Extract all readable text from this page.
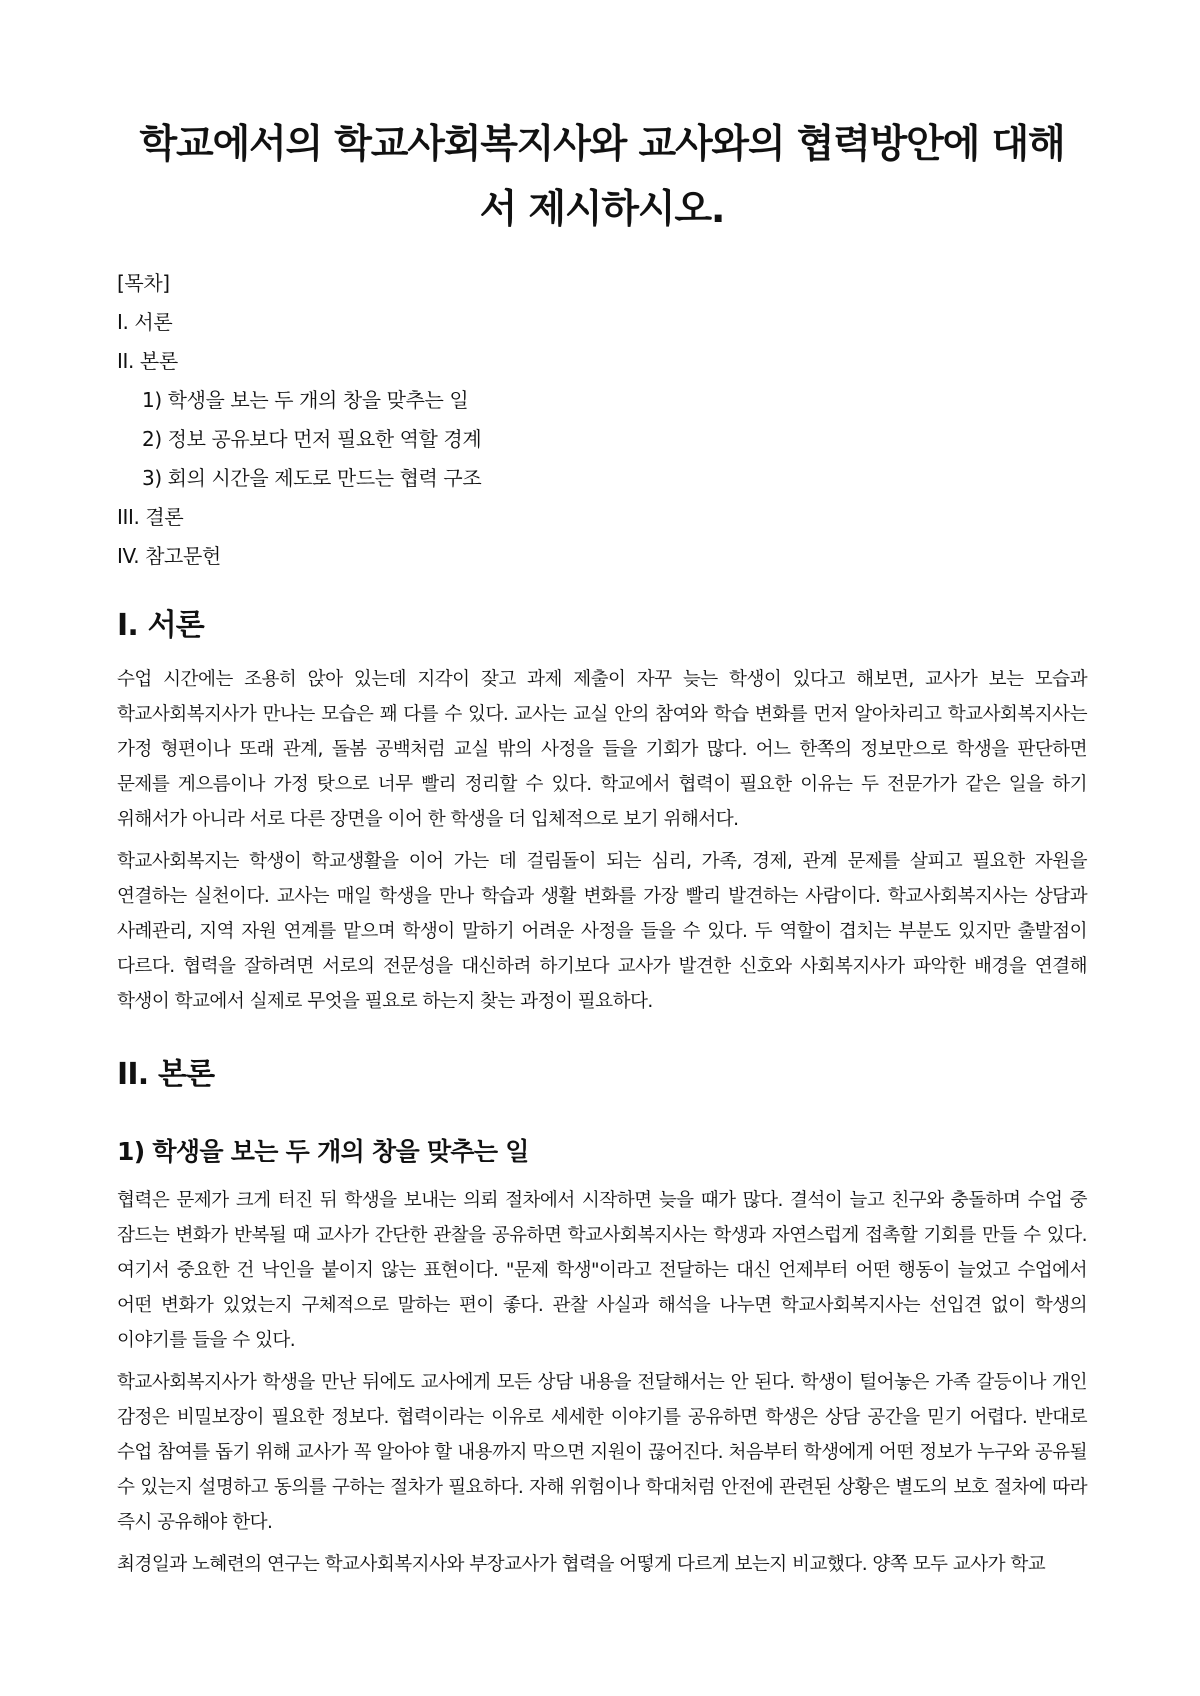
학교에서의 학교사회복지사와 교사와의 협력방안에 대해서 제시하시오.
[목차]
I. 서론
II. 본론
1) 학생을 보는 두 개의 창을 맞추는 일
2) 정보 공유보다 먼저 필요한 역할 경계
3) 회의 시간을 제도로 만드는 협력 구조
III. 결론
IV. 참고문헌
I. 서론

수업 시간에는 조용히 앉아 있는데 지각이 잦고 과제 제출이 자꾸 늦는 학생이 있다고 해보면, 교사가 보는 모습과 학교사회복지사가 만나는 모습은 꽤 다를 수 있다. 교사는 교실 안의 참여와 학습 변화를 먼저 알아차리고 학교사회복지사는 가정 형편이나 또래 관계, 돌봄 공백처럼 교실 밖의 사정을 들을 기회가 많다. 어느 한쪽의 정보만으로 학생을 판단하면 문제를 게으름이나 가정 탓으로 너무 빨리 정리할 수 있다. 학교에서 협력이 필요한 이유는 두 전문가가 같은 일을 하기 위해서가 아니라 서로 다른 장면을 이어 한 학생을 더 입체적으로 보기 위해서다.

학교사회복지는 학생이 학교생활을 이어 가는 데 걸림돌이 되는 심리, 가족, 경제, 관계 문제를 살피고 필요한 자원을 연결하는 실천이다. 교사는 매일 학생을 만나 학습과 생활 변화를 가장 빨리 발견하는 사람이다. 학교사회복지사는 상담과 사례관리, 지역 자원 연계를 맡으며 학생이 말하기 어려운 사정을 들을 수 있다. 두 역할이 겹치는 부분도 있지만 출발점이 다르다. 협력을 잘하려면 서로의 전문성을 대신하려 하기보다 교사가 발견한 신호와 사회복지사가 파악한 배경을 연결해 학생이 학교에서 실제로 무엇을 필요로 하는지 찾는 과정이 필요하다.

II. 본론
1) 학생을 보는 두 개의 창을 맞추는 일

협력은 문제가 크게 터진 뒤 학생을 보내는 의뢰 절차에서 시작하면 늦을 때가 많다. 결석이 늘고 친구와 충돌하며 수업 중 잠드는 변화가 반복될 때 교사가 간단한 관찰을 공유하면 학교사회복지사는 학생과 자연스럽게 접촉할 기회를 만들 수 있다. 여기서 중요한 건 낙인을 붙이지 않는 표현이다. "문제 학생"이라고 전달하는 대신 언제부터 어떤 행동이 늘었고 수업에서 어떤 변화가 있었는지 구체적으로 말하는 편이 좋다. 관찰 사실과 해석을 나누면 학교사회복지사는 선입견 없이 학생의 이야기를 들을 수 있다.

학교사회복지사가 학생을 만난 뒤에도 교사에게 모든 상담 내용을 전달해서는 안 된다. 학생이 털어놓은 가족 갈등이나 개인 감정은 비밀보장이 필요한 정보다. 협력이라는 이유로 세세한 이야기를 공유하면 학생은 상담 공간을 믿기 어렵다. 반대로 수업 참여를 돕기 위해 교사가 꼭 알아야 할 내용까지 막으면 지원이 끊어진다. 처음부터 학생에게 어떤 정보가 누구와 공유될 수 있는지 설명하고 동의를 구하는 절차가 필요하다. 자해 위험이나 학대처럼 안전에 관련된 상황은 별도의 보호 절차에 따라 즉시 공유해야 한다.

최경일과 노혜련의 연구는 학교사회복지사와 부장교사가 협력을 어떻게 다르게 보는지 비교했다. 양쪽 모두 교사가 학교
